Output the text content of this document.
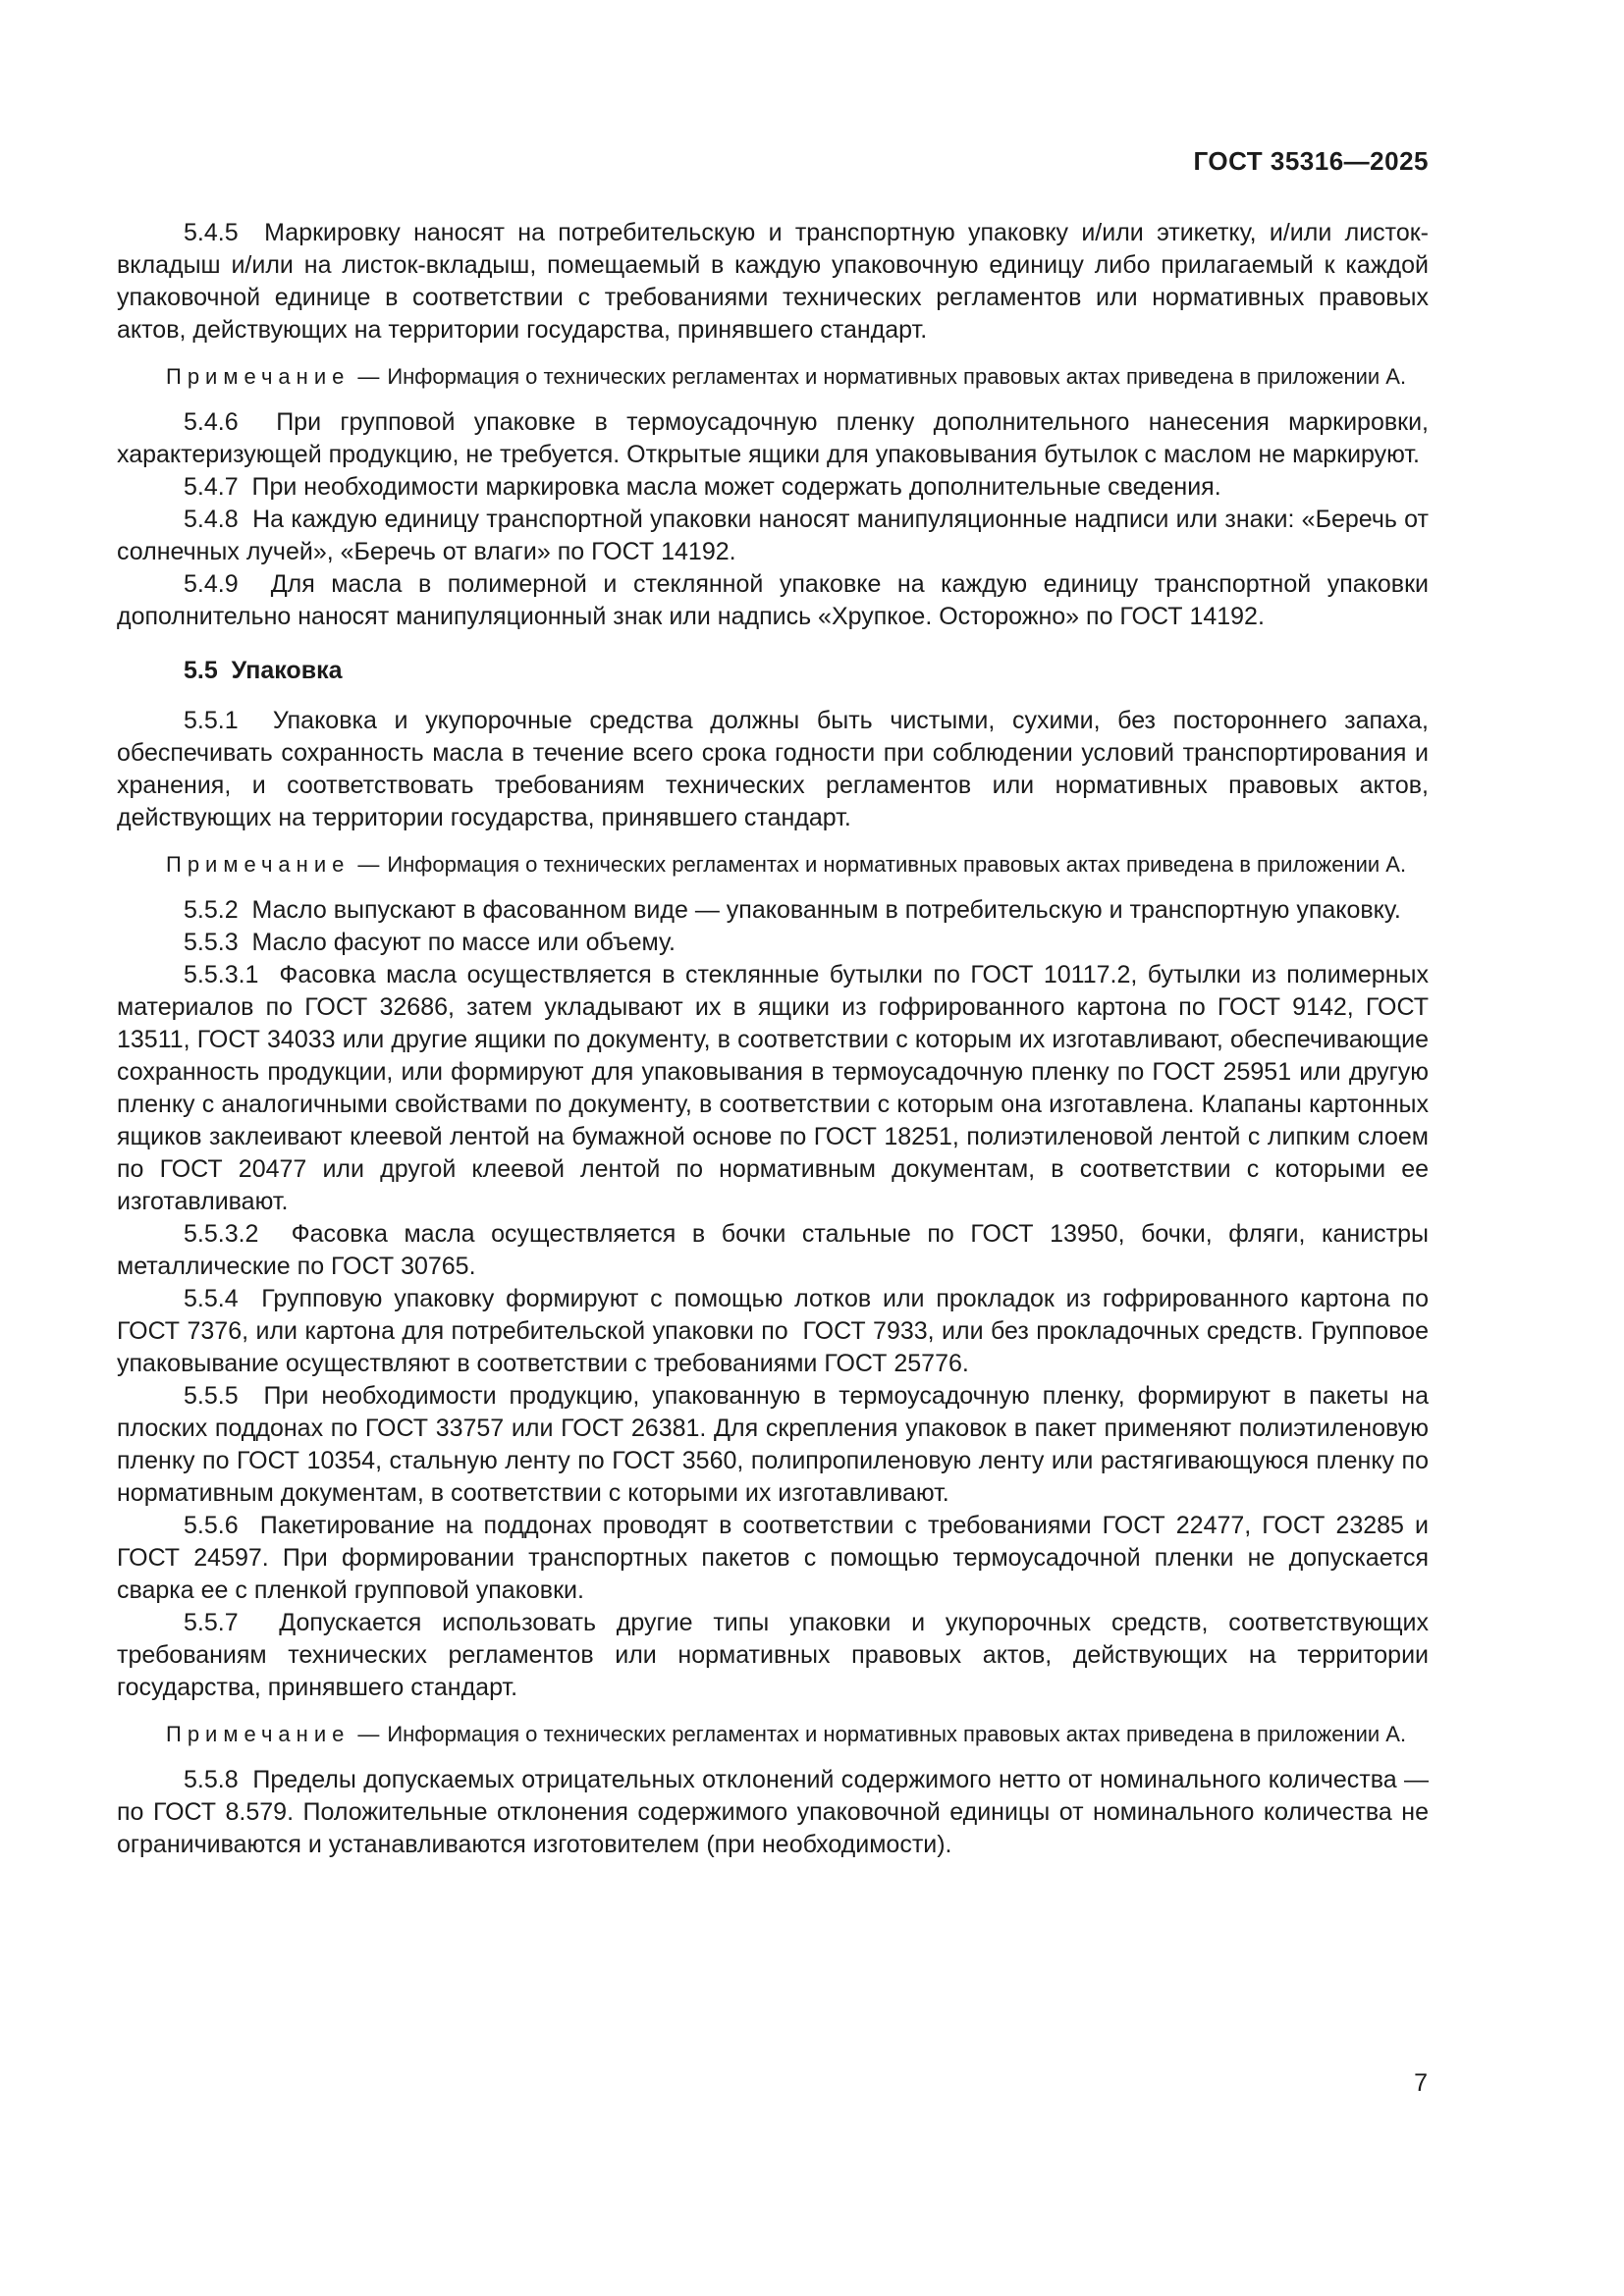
ГОСТ 35316—2025

5.4.5  Маркировку наносят на потребительскую и транспортную упаковку и/или этикетку, и/или листок-вкладыш и/или на листок-вкладыш, помещаемый в каждую упаковочную единицу либо прилагаемый к каждой упаковочной единице в соответствии с требованиями технических регламентов или нормативных правовых актов, действующих на территории государства, принявшего стандарт.

Примечание — Информация о технических регламентах и нормативных правовых актах приведена в приложении А.

5.4.6  При групповой упаковке в термоусадочную пленку дополнительного нанесения маркировки, характеризующей продукцию, не требуется. Открытые ящики для упаковывания бутылок с маслом не маркируют.

5.4.7  При необходимости маркировка масла может содержать дополнительные сведения.

5.4.8  На каждую единицу транспортной упаковки наносят манипуляционные надписи или знаки: «Беречь от солнечных лучей», «Беречь от влаги» по ГОСТ 14192.

5.4.9  Для масла в полимерной и стеклянной упаковке на каждую единицу транспортной упаковки дополнительно наносят манипуляционный знак или надпись «Хрупкое. Осторожно» по ГОСТ 14192.

5.5  Упаковка

5.5.1  Упаковка и укупорочные средства должны быть чистыми, сухими, без постороннего запаха, обеспечивать сохранность масла в течение всего срока годности при соблюдении условий транспортирования и хранения, и соответствовать требованиям технических регламентов или нормативных правовых актов, действующих на территории государства, принявшего стандарт.

Примечание — Информация о технических регламентах и нормативных правовых актах приведена в приложении А.

5.5.2  Масло выпускают в фасованном виде — упакованным в потребительскую и транспортную упаковку.

5.5.3  Масло фасуют по массе или объему.

5.5.3.1  Фасовка масла осуществляется в стеклянные бутылки по ГОСТ 10117.2, бутылки из полимерных материалов по ГОСТ 32686, затем укладывают их в ящики из гофрированного картона по ГОСТ 9142, ГОСТ 13511, ГОСТ 34033 или другие ящики по документу, в соответствии с которым их изготавливают, обеспечивающие сохранность продукции, или формируют для упаковывания в термоусадочную пленку по ГОСТ 25951 или другую пленку с аналогичными свойствами по документу, в соответствии с которым она изготавлена. Клапаны картонных ящиков заклеивают клеевой лентой на бумажной основе по ГОСТ 18251, полиэтиленовой лентой с липким слоем по ГОСТ 20477 или другой клеевой лентой по нормативным документам, в соответствии с которыми ее изготавливают.

5.5.3.2  Фасовка масла осуществляется в бочки стальные по ГОСТ 13950, бочки, фляги, канистры металлические по ГОСТ 30765.

5.5.4  Групповую упаковку формируют с помощью лотков или прокладок из гофрированного картона по ГОСТ 7376, или картона для потребительской упаковки по  ГОСТ 7933, или без прокладочных средств. Групповое упаковывание осуществляют в соответствии с требованиями ГОСТ 25776.

5.5.5  При необходимости продукцию, упакованную в термоусадочную пленку, формируют в пакеты на плоских поддонах по ГОСТ 33757 или ГОСТ 26381. Для скрепления упаковок в пакет применяют полиэтиленовую пленку по ГОСТ 10354, стальную ленту по ГОСТ 3560, полипропиленовую ленту или растягивающуюся пленку по нормативным документам, в соответствии с которыми их изготавливают.

5.5.6  Пакетирование на поддонах проводят в соответствии с требованиями ГОСТ 22477, ГОСТ 23285 и ГОСТ 24597. При формировании транспортных пакетов с помощью термоусадочной пленки не допускается сварка ее с пленкой групповой упаковки.

5.5.7  Допускается использовать другие типы упаковки и укупорочных средств, соответствующих требованиям технических регламентов или нормативных правовых актов, действующих на территории государства, принявшего стандарт.

Примечание — Информация о технических регламентах и нормативных правовых актах приведена в приложении А.

5.5.8  Пределы допускаемых отрицательных отклонений содержимого нетто от номинального количества — по ГОСТ 8.579. Положительные отклонения содержимого упаковочной единицы от номинального количества не ограничиваются и устанавливаются изготовителем (при необходимости).

7
